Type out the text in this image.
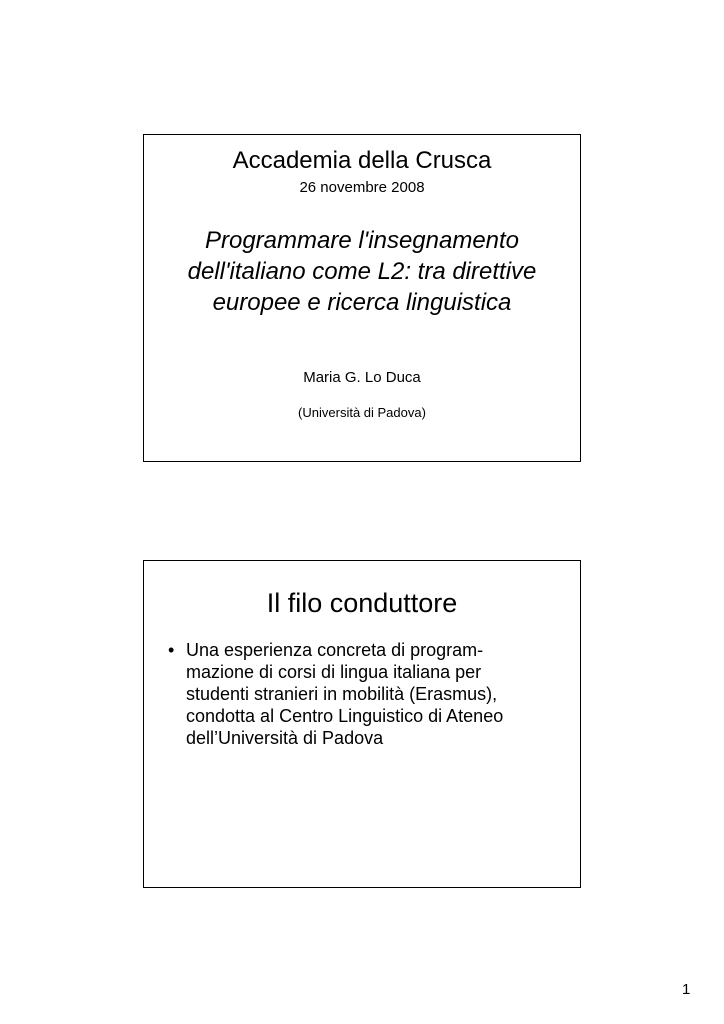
Accademia della Crusca
26 novembre 2008
Programmare l'insegnamento
dell'italiano come L2: tra direttive
europee e ricerca linguistica
Maria G. Lo Duca
(Università di Padova)
Il filo conduttore
• Una esperienza concreta di program-
mazione di corsi di lingua italiana per
studenti stranieri in mobilità (Erasmus),
condotta al Centro Linguistico di Ateneo
dell’Università di Padova
1
